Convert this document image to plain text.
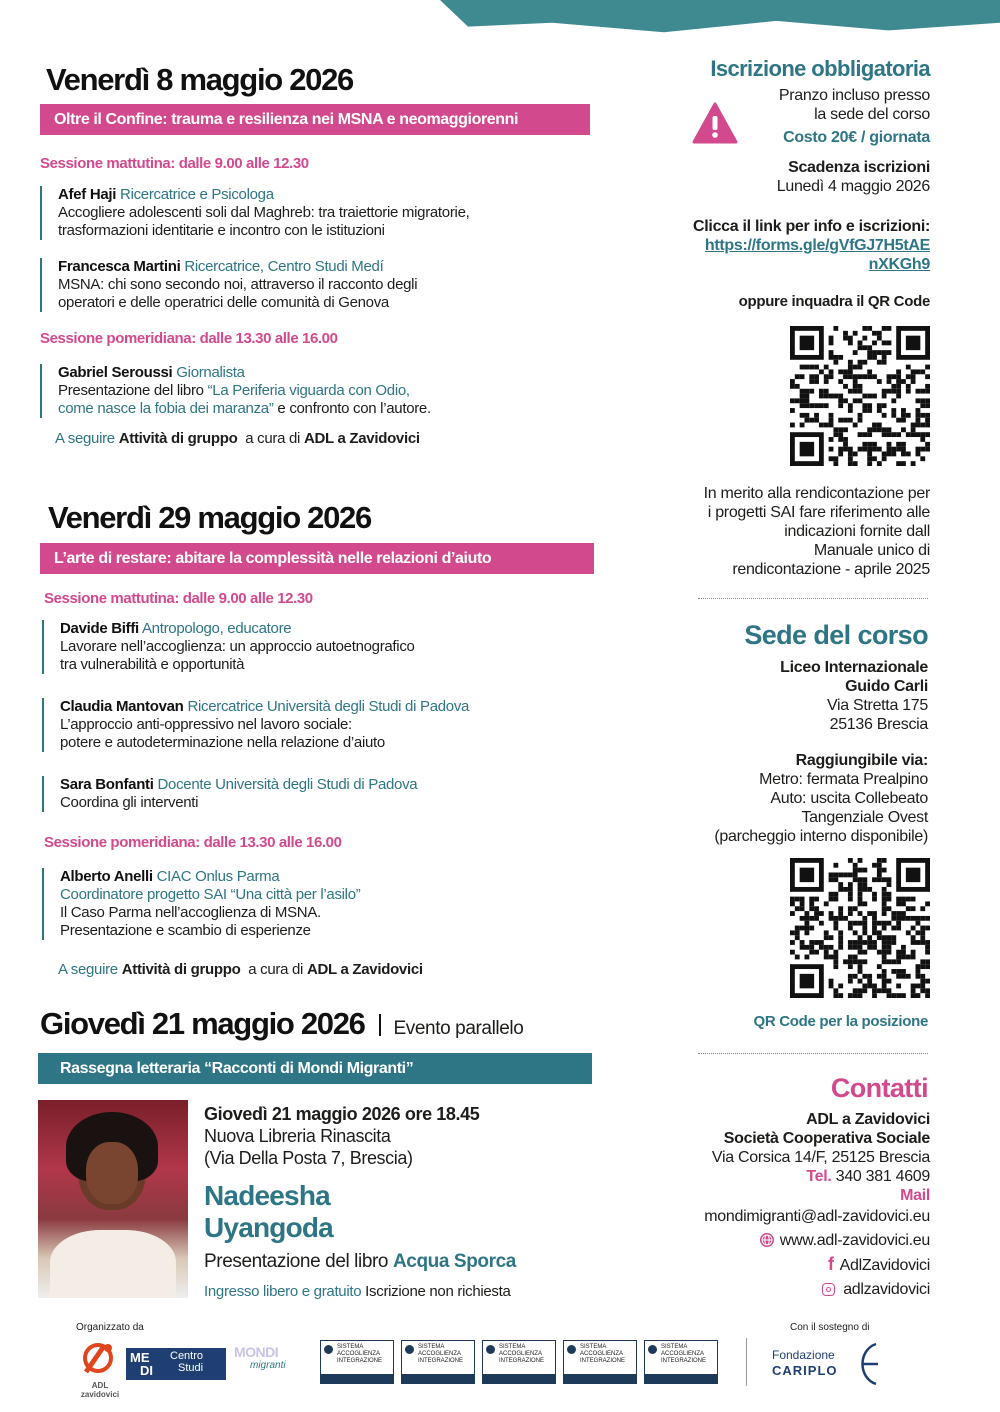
Venerdì 8 maggio 2026
Oltre il Confine: trauma e resilienza nei MSNA e neomaggiorenni
Sessione mattutina: dalle 9.00 alle 12.30
Afef Haji Ricercatrice e Psicologa
Accogliere adolescenti soli dal Maghreb: tra traiettorie migratorie,
trasformazioni identitarie e incontro con le istituzioni
Francesca Martini Ricercatrice, Centro Studi Medí
MSNA: chi sono secondo noi, attraverso il racconto degli
operatori e delle operatrici delle comunità di Genova
Sessione pomeridiana: dalle 13.30 alle 16.00
Gabriel Seroussi Giornalista
Presentazione del libro “La Periferia viguarda con Odio,
come nasce la fobia dei maranza” e confronto con l’autore.
A seguire Attività di gruppo a cura di ADL a Zavidovici
Venerdì 29 maggio 2026
L’arte di restare: abitare la complessità nelle relazioni d’aiuto
Sessione mattutina: dalle 9.00 alle 12.30
Davide Biffi Antropologo, educatore
Lavorare nell’accoglienza: un approccio autoetnografico
tra vulnerabilità e opportunità
Claudia Mantovan Ricercatrice Università degli Studi di Padova
L’approccio anti-oppressivo nel lavoro sociale:
potere e autodeterminazione nella relazione d’aiuto
Sara Bonfanti Docente Università degli Studi di Padova
Coordina gli interventi
Sessione pomeridiana: dalle 13.30 alle 16.00
Alberto Anelli CIAC Onlus Parma
Coordinatore progetto SAI “Una città per l’asilo”
Il Caso Parma nell’accoglienza di MSNA.
Presentazione e scambio di esperienze
A seguire Attività di gruppo a cura di ADL a Zavidovici
Giovedì 21 maggio 2026 Evento parallelo
Rassegna letteraria “Racconti di Mondi Migranti”
Giovedì 21 maggio 2026 ore 18.45
Nuova Libreria Rinascita
(Via Della Posta 7, Brescia)
Nadeesha
Uyangoda
Presentazione del libro Acqua Sporca
Ingresso libero e gratuito Iscrizione non richiesta
Iscrizione obbligatoria
Pranzo incluso presso
la sede del corso
Costo 20€ / giornata
Scadenza iscrizioni
Lunedì 4 maggio 2026
Clicca il link per info e iscrizioni:
https://forms.gle/gVfGJ7H5tAE
nXKGh9
oppure inquadra il QR Code
In merito alla rendicontazione per
i progetti SAI fare riferimento alle
indicazioni fornite dall
Manuale unico di
rendicontazione - aprile 2025
Sede del corso
Liceo Internazionale
Guido Carli
Via Stretta 175
25136 Brescia
Raggiungibile via:
Metro: fermata Prealpino
Auto: uscita Collebeato
Tangenziale Ovest
(parcheggio interno disponibile)
QR Code per la posizione
Contatti
ADL a Zavidovici
Società Cooperativa Sociale
Via Corsica 14/F, 25125 Brescia
Tel. 340 381 4609
Mail
mondimigranti@adl-zavidovici.eu
www.adl-zavidovici.eu
f AdlZavidovici
adlzavidovici
Organizzato da
ADL zavidovici
ME
DI
Centro
Studi
MONDI
migranti
SISTEMA
ACCOGLIENZA
INTEGRAZIONE
SISTEMA
ACCOGLIENZA
INTEGRAZIONE
SISTEMA
ACCOGLIENZA
INTEGRAZIONE
SISTEMA
ACCOGLIENZA
INTEGRAZIONE
SISTEMA
ACCOGLIENZA
INTEGRAZIONE
Con il sostegno di
Fondazione
CARIPLO
